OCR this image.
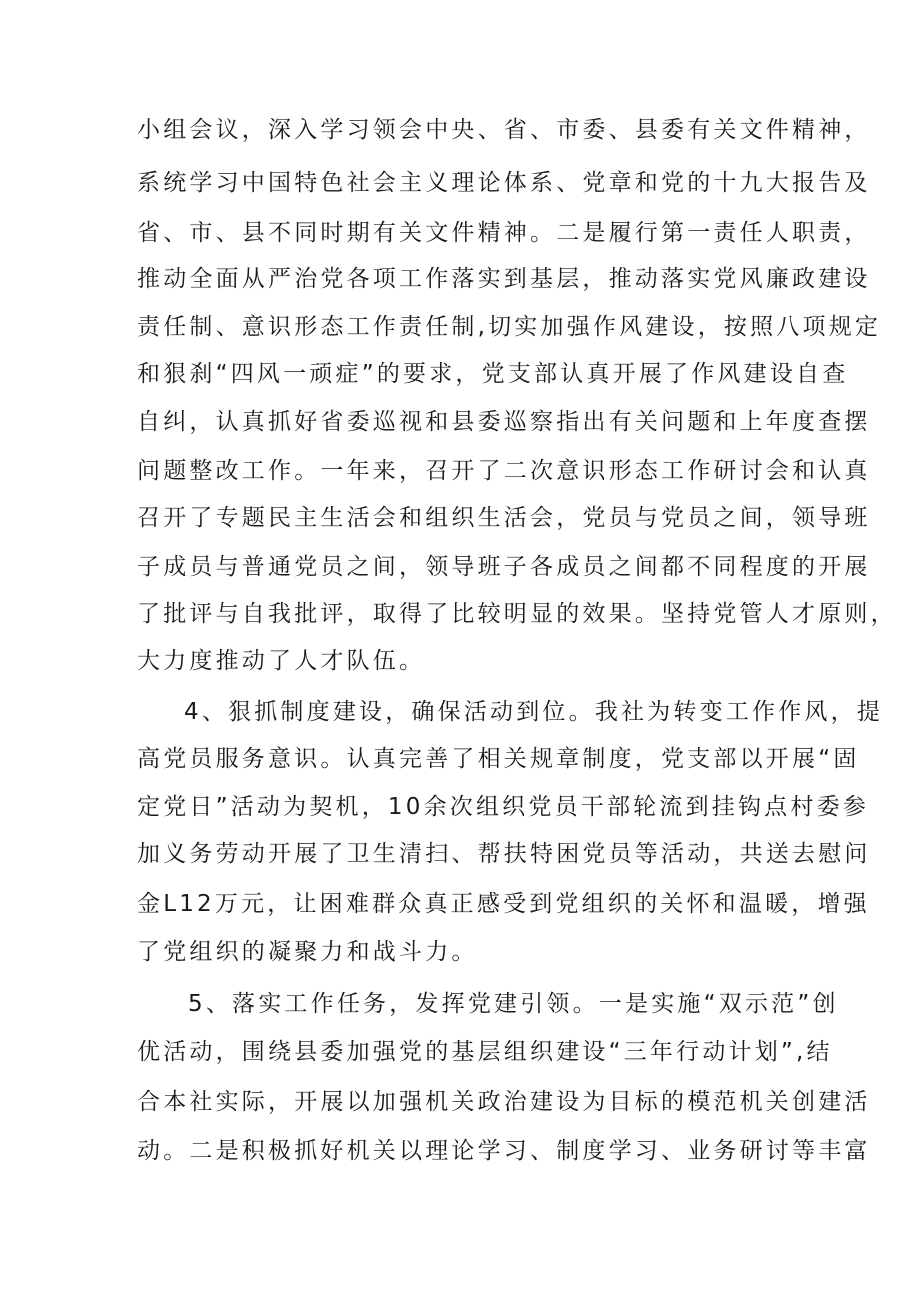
小组会议，深入学习领会中央、省、市委、县委有关文件精神，
系统学习中国特色社会主义理论体系、党章和党的十九大报告及
省、市、县不同时期有关文件精神。二是履行第一责任人职责，
推动全面从严治党各项工作落实到基层，推动落实党风廉政建设
责任制、意识形态工作责任制,切实加强作风建设，按照八项规定
和狠刹“四风一顽症”的要求，党支部认真开展了作风建设自查
自纠，认真抓好省委巡视和县委巡察指出有关问题和上年度查摆
问题整改工作。一年来，召开了二次意识形态工作研讨会和认真
召开了专题民主生活会和组织生活会，党员与党员之间，领导班
子成员与普通党员之间，领导班子各成员之间都不同程度的开展
了批评与自我批评，取得了比较明显的效果。坚持党管人才原则，
大力度推动了人才队伍。
4、狠抓制度建设，确保活动到位。我社为转变工作作风，提
高党员服务意识。认真完善了相关规章制度，党支部以开展“固
定党日”活动为契机，10余次组织党员干部轮流到挂钩点村委参
加义务劳动开展了卫生清扫、帮扶特困党员等活动，共送去慰问
金L12万元，让困难群众真正感受到党组织的关怀和温暖，增强
了党组织的凝聚力和战斗力。
5、落实工作任务，发挥党建引领。一是实施“双示范”创
优活动，围绕县委加强党的基层组织建设“三年行动计划”,结
合本社实际，开展以加强机关政治建设为目标的模范机关创建活
动。二是积极抓好机关以理论学习、制度学习、业务研讨等丰富
